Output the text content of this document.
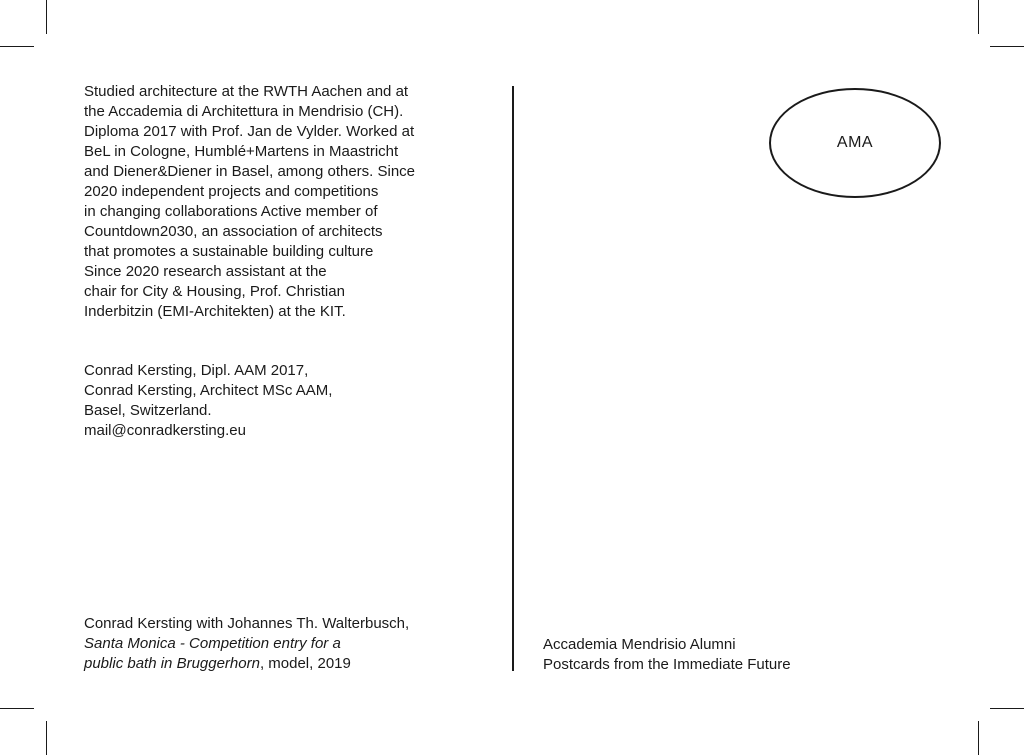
Studied architecture at the RWTH Aachen and at
the Accademia di Architettura in Mendrisio (CH).
Diploma 2017 with Prof. Jan de Vylder. Worked at
BeL in Cologne, Humblé+Martens in Maastricht
and Diener&Diener in Basel, among others. Since
2020 independent projects and competitions
in changing collaborations Active member of
Countdown2030, an association of architects
that promotes a sustainable building culture
Since 2020 research assistant at the
chair for City & Housing, Prof. Christian
Inderbitzin (EMI-Architekten) at the KIT.
Conrad Kersting, Dipl. AAM 2017,
Conrad Kersting, Architect MSc AAM,
Basel, Switzerland.
mail@conradkersting.eu
Conrad Kersting with Johannes Th. Walterbusch,
Santa Monica - Competition entry for a
public bath in Bruggerhorn, model, 2019
AMA
Accademia Mendrisio Alumni
Postcards from the Immediate Future
